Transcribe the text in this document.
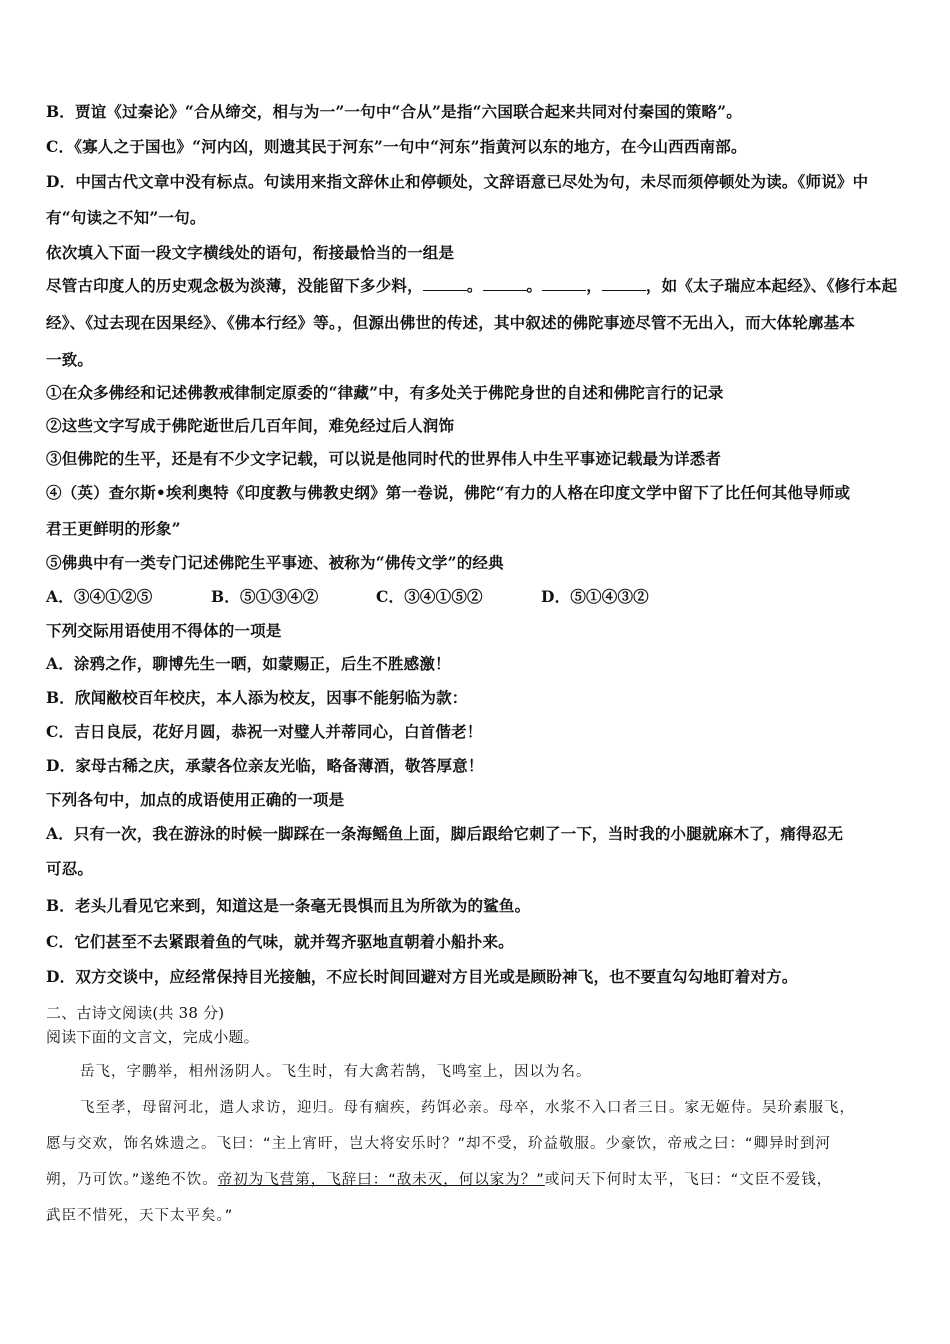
B．贾谊《过秦论》“合从缔交，相与为一”一句中“合从”是指“六国联合起来共同对付秦国的策略”。
C．《寡人之于国也》“河内凶，则遗其民于河东”一句中“河东”指黄河以东的地方，在今山西西南部。
D．中国古代文章中没有标点。句读用来指文辞休止和停顿处，文辞语意已尽处为句，未尽而须停顿处为读。《师说》中
有“句读之不知”一句。
依次填入下面一段文字横线处的语句，衔接最恰当的一组是
尽管古印度人的历史观念极为淡薄，没能留下多少料，	。	。	，	，如《太子瑞应本起经》、《修行本起
经》、《过去现在因果经》、《佛本行经》等。，但源出佛世的传述，其中叙述的佛陀事迹尽管不无出入，而大体轮廓基本
一致。
①在众多佛经和记述佛教戒律制定原委的“律藏”中，有多处关于佛陀身世的自述和佛陀言行的记录
②这些文字写成于佛陀逝世后几百年间，难免经过后人润饰
③但佛陀的生平，还是有不少文字记载，可以说是他同时代的世界伟人中生平事迹记载最为详悉者
④（英）查尔斯•埃利奥特《印度教与佛教史纲》第一卷说，佛陀“有力的人格在印度文学中留下了比任何其他导师或
君王更鲜明的形象”
⑤佛典中有一类专门记述佛陀生平事迹、被称为“佛传文学”的经典
A．③④①②⑤	B．⑤①③④②	C．③④①⑤②	D．⑤①④③②
下列交际用语使用不得体的一项是
A．涂鸦之作，聊博先生一晒，如蒙赐正，后生不胜感激！
B．欣闻敝校百年校庆，本人添为校友，因事不能躬临为款：
C．吉日良辰，花好月圆，恭祝一对璧人并蒂同心，白首偕老！
D．家母古稀之庆，承蒙各位亲友光临，略备薄酒，敬答厚意！
下列各句中，加点的成语使用正确的一项是
A．只有一次，我在游泳的时候一脚踩在一条海鳐鱼上面，脚后跟给它刺了一下，当时我的小腿就麻木了，痛得忍无
可忍。
B．老头儿看见它来到，知道这是一条毫无畏惧而且为所欲为的鲨鱼。
C．它们甚至不去紧跟着鱼的气味，就并驾齐驱地直朝着小船扑来。
D．双方交谈中，应经常保持目光接触，不应长时间回避对方目光或是顾盼神飞，也不要直勾勾地盯着对方。
二、古诗文阅读(共 38 分)
阅读下面的文言文，完成小题。
岳飞，字鹏举，相州汤阴人。飞生时，有大禽若鹄，飞鸣室上，因以为名。
飞至孝，母留河北，遣人求访，迎归。母有痼疾，药饵必亲。母卒，水浆不入口者三日。家无姬侍。吴玠素服飞，
愿与交欢，饰名姝遗之。飞曰：“主上宵旰，岂大将安乐时？”却不受，玠益敬服。少豪饮，帝戒之曰：“卿异时到河
朔，乃可饮。”遂绝不饮。帝初为飞营第，飞辞曰：“敌未灭，何以家为？”或问天下何时太平，飞曰：“文臣不爱钱，
武臣不惜死，天下太平矣。”
